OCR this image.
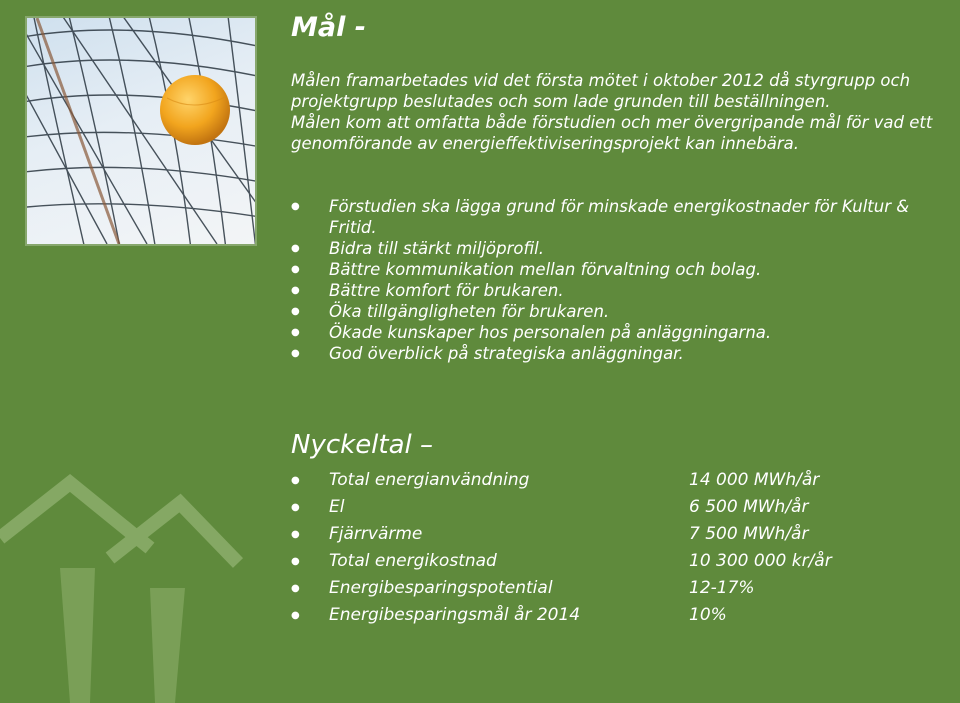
Mål -

Målen framarbetades vid det första mötet i oktober 2012 då styrgrupp och projektgrupp beslutades och som lade grunden till beställningen.

Målen kom att omfatta både förstudien och mer övergripande mål för vad ett genomförande av energieffektiviseringsprojekt kan innebära.

● Förstudien ska lägga grund för minskade energikostnader för Kultur & Fritid.
● Bidra till stärkt miljöprofil.
● Bättre kommunikation mellan förvaltning och bolag.
● Bättre komfort för brukaren.
● Öka tillgängligheten för brukaren.
● Ökade kunskaper hos personalen på anläggningarna.
● God överblick på strategiska anläggningar.
Nyckeltal –
● Total energianvändning	14 000 MWh/år
● El	6 500 MWh/år
● Fjärrvärme	7 500 MWh/år
● Total energikostnad	10 300 000 kr/år
● Energibesparingspotential	12-17%
● Energibesparingsmål år 2014	10%
